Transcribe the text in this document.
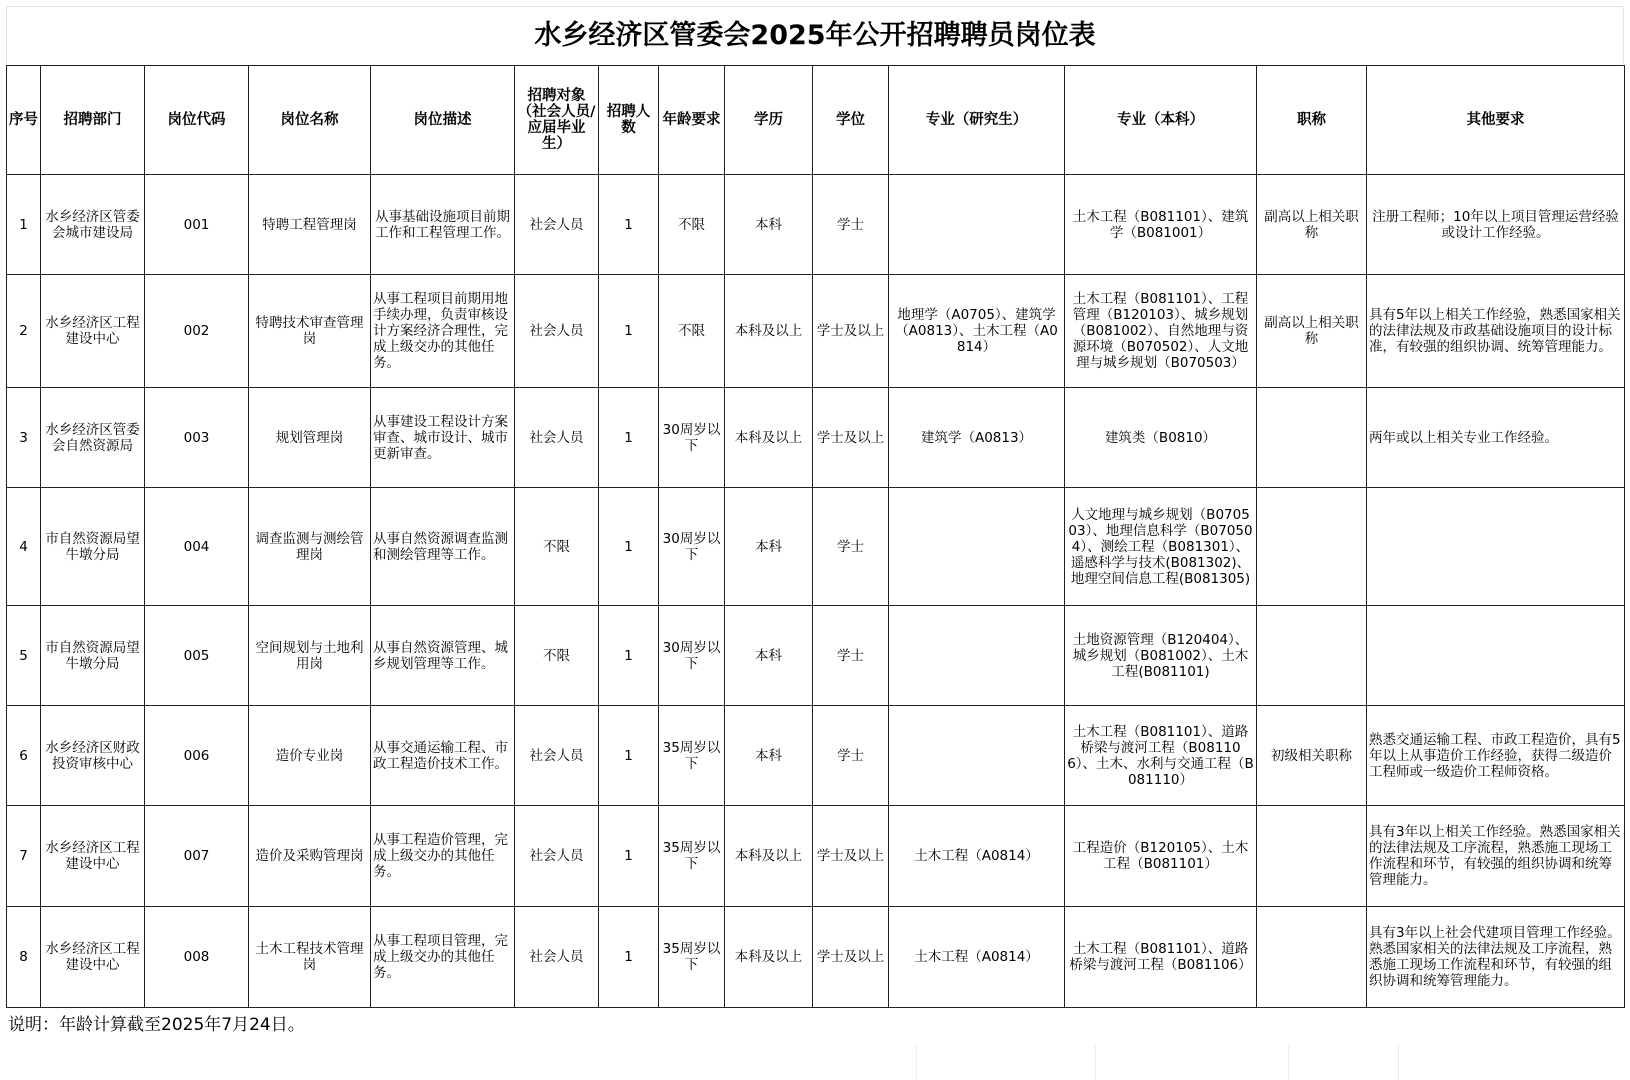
水乡经济区管委会2025年公开招聘聘员岗位表
序号	招聘部门	岗位代码	岗位名称	岗位描述	招聘对象（社会人员/应届毕业生）	招聘人数	年龄要求	学历	学位	专业（研究生）	专业（本科）	职称	其他要求
1	水乡经济区管委会城市建设局	001	特聘工程管理岗	从事基础设施项目前期工作和工程管理工作。	社会人员	1	不限	本科	学士		土木工程（B081101）、建筑学（B081001）	副高以上相关职称	注册工程师；10年以上项目管理运营经验或设计工作经验。
2	水乡经济区工程建设中心	002	特聘技术审查管理岗	从事工程项目前期用地手续办理，负责审核设计方案经济合理性，完成上级交办的其他任务。	社会人员	1	不限	本科及以上	学士及以上	地理学（A0705）、建筑学（A0813）、土木工程（A0814）	土木工程（B081101）、工程管理（B120103）、城乡规划（B081002）、自然地理与资源环境（B070502）、人文地理与城乡规划（B070503）	副高以上相关职称	具有5年以上相关工作经验，熟悉国家相关的法律法规及市政基础设施项目的设计标准，有较强的组织协调、统筹管理能力。
3	水乡经济区管委会自然资源局	003	规划管理岗	从事建设工程设计方案审查、城市设计、城市更新审查。	社会人员	1	30周岁以下	本科及以上	学士及以上	建筑学（A0813）	建筑类（B0810）		两年或以上相关专业工作经验。
4	市自然资源局望牛墩分局	004	调查监测与测绘管理岗	从事自然资源调查监测和测绘管理等工作。	不限	1	30周岁以下	本科	学士		人文地理与城乡规划（B070503）、地理信息科学（B070504）、测绘工程（B081301）、遥感科学与技术(B081302)、地理空间信息工程(B081305)		
5	市自然资源局望牛墩分局	005	空间规划与土地利用岗	从事自然资源管理、城乡规划管理等工作。	不限	1	30周岁以下	本科	学士		土地资源管理（B120404）、城乡规划（B081002）、土木工程(B081101)		
6	水乡经济区财政投资审核中心	006	造价专业岗	从事交通运输工程、市政工程造价技术工作。	社会人员	1	35周岁以下	本科	学士		土木工程（B081101）、道路桥梁与渡河工程（B081106）、土木、水利与交通工程（B081110）	初级相关职称	熟悉交通运输工程、市政工程造价，具有5年以上从事造价工作经验，获得二级造价工程师或一级造价工程师资格。
7	水乡经济区工程建设中心	007	造价及采购管理岗	从事工程造价管理，完成上级交办的其他任务。	社会人员	1	35周岁以下	本科及以上	学士及以上	土木工程（A0814）	工程造价（B120105）、土木工程（B081101）		具有3年以上相关工作经验。熟悉国家相关的法律法规及工序流程，熟悉施工现场工作流程和环节，有较强的组织协调和统筹管理能力。
8	水乡经济区工程建设中心	008	土木工程技术管理岗	从事工程项目管理，完成上级交办的其他任务。	社会人员	1	35周岁以下	本科及以上	学士及以上	土木工程（A0814）	土木工程（B081101）、道路桥梁与渡河工程（B081106）		具有3年以上社会代建项目管理工作经验。熟悉国家相关的法律法规及工序流程，熟悉施工现场工作流程和环节，有较强的组织协调和统筹管理能力。
说明：年龄计算截至2025年7月24日。
